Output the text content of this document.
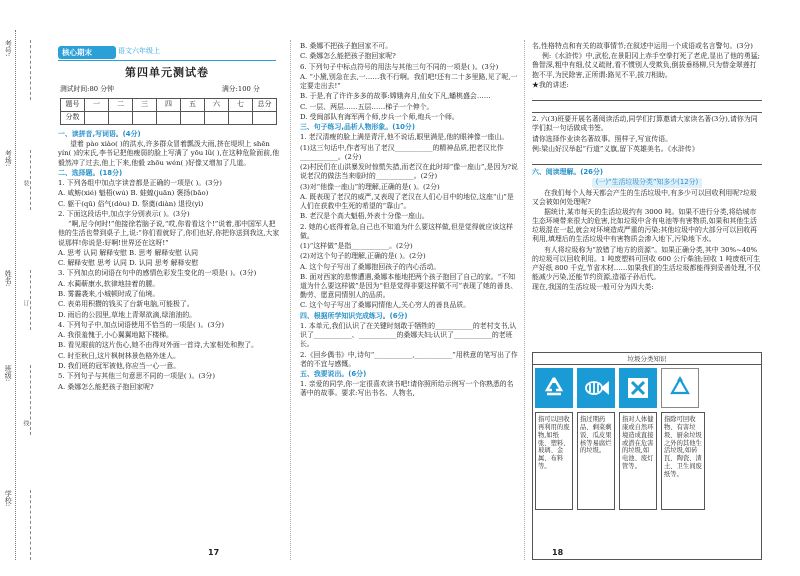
考号:
考场:
姓名:
班级:
学校:
装
订
线
核心期末	语文六年级上
第四单元测试卷
测试时间:80 分钟	满分:100 分
题号	一	二	三	四	五	六	七	总分
分数								

一、读拼音,写词语。(4分)

望着 pào xiào( )的洪水,许多群众冒着瓢泼大雨,挤在堤坝上 shēn yín( )的宋氏,李书记把他瘦弱的脸上写满了 yōu lǜ( ),在这种危险面前,他毅然冲了过去,他上下来,他毅 zhōu wén( )好像又增加了几道。

二、选择题。(18分)

1. 下列各组中加点字读音都是正确的一项是( )。(3分)

A. 咸鲂(xié) 魁梧(wú) B. 蛙蝗(juān) 褒扬(bāo)

C. 躯干(qū) 俗气(dòu) D. 祭奠(diàn) 退役(yì)

2. 下面这段话中,加点字分别表示( )。(3分)

“啊,尼今何时!”他接徐若脑子说,“哎,你看看这个!”说着,那中国军人把他的生活也带到桌子上,说:“你们看就好了,你们也好,你把你送到我这,大家说那样!你说是:好啊!世界还在这呀!”

A. 思考 认同 解释安慰 B. 思考 解释安慰 认同

C. 解释安慰 思考 认同 D. 认同 思考 解释安慰

3. 下列加点的词语在句中的感情色彩发生变化的一项是( )。(3分)

A. 水蔺蕲康水,软律地挂着的腰。

B. 雾霾袭来,小城顿时成了仙境。

C. 表弟用积攒的钱买了台新电脑,可能极了。

D. 雨后的公园里,草地上青翠欲滴,绿油油的。

4. 下列句子中,加点词语使用不恰当的一项是( )。(3分)

A. 我很羞愧于,小心翼翼地踮下楼梯。

B. 看见眼前的这片伤心,她不由得对外面一首诗,大家相处和煦了。

C. 时至秋日,这片枫树林景色格外迷人。

D. 我们班的冠军被他,你应当一心一意。

5. 下列句子与其他三句意思不同的一项是( )。(3分)

A. 桑娜怎么能把孩子抱回家呢?

17

B. 桑娜不把孩子抱回家不可。

C. 桑娜怎么能把孩子抱回家呢?

6. 下列句子中标点符号的用法与其他三句不同的一项是( )。(3分)

A. “小黛,别急在去,一……我不行啊。我们吧!还有二十多里路,见了呢,一定要走出去!”

B. 于是,有了许许多多的故事:嫦娥奔月,仙女下凡,蟠桃盛会……

C. 一层、两层……五层……梯子一个伸个。

D. 受闽部队有海军两个师,步兵一个师,炮兵一个师。

三、句子练习,品析人物形象。(10分)

1. 老汉清瘦的脸上满是青汗,他不说话,眼里满是,他的眼神像一座山。

(1)这三句话中,作者写出了老汉___________的精神品质,把老汉比作___________。(2分)

(2)村民们在山洪暴发时惊慌失措,而老汉在此时却“像一座山”,是因为?说说老汉的做法当来临时的___________。(2分)

(3)对“他像一座山”的理解,正确的是( )。(2分)

A. 既表现了老汉的威严,又表现了老汉在人们心目中的地位,这座“山”是人们在获救中生死的希望的“靠山”。

B. 老汉是个高大魁梧,外表十分像一座山。

2. 她的心底得着急,自己也不知道为什么要这样做,但是觉得就应该这样做。

(1)“这样做”是指___________。(2分)

(2)对这个句子的理解,正确的是( )。(2分)

A. 这个句子写出了桑娜抱回孩子的内心活动。

B. 面对西家的悲惨遭遇,桑娜本能地把两个孩子抱回了自己的家。“不知道为什么要这样做”是因为“但是觉得非要这样做不可”表现了她的善良、勤劳、愿意同情别人的品质。

C. 这个句子写出了桑娜同情他人,关心穷人的善良品质。

四、根据所学知识完成练习。(6分)

1. 本单元,我们认识了在关键时刻敢于牺牲的___________的老村支书,认识了___________、___________的桑娜夫妇;认识了___________的老班长。

2.《回乡偶书》中,诗句“___________,___________”用秩意的笔写出了作者的不宜与感慨。

五、我要说出。(6分)

1. 亲爱的同学,你一定很喜欢读书吧!请你照所给示例写一个你熟悉的名著中的故事。要求:写出书名、人物名,

18

名,性格特点和有关的故事情节;在叙述中运用一个成语或名言警句。(3分)

例:《水浒传》中,武松,在景阳冈上赤手空拳打死了老虎,显出了他的勇猛;鲁智深,粗中有细,仗义疏财,看不惯别人受欺负,倒拔垂杨柳,只为替金翠莲打抱不平,为民除害,正所谓:路见不平,拔刀相助。

★我的讲述:

2. 六(3)班要开展名著阅读活动,同学们打算邀请大家读名著(3分),请你为同学们拟一句话做成书签。

请你选择作业读名著故事。照样子,写宣传语。

例:梁山好汉举起“行道”义旗,留下英雄美名。《水浒传》

六、阅读理解。(26分)

(一)“生活垃圾分类”知多少(12分)

在我们每个人每天都会产生的生活垃圾中,有多少可以回收利用呢?垃圾又会被如何处理呢?

据统计,某市每天的生活垃圾约有 3000 吨。如果不进行分类,将给城市生态环境带来很大的危害,比如垃圾中含有电池等有害物质,如果和其他生活垃圾混在一起,就会对环境造成严重的污染;其他垃圾中的大部分可以回收再利用,填埋后的生活垃圾中有害物质会渗入地下,污染地下水。

有人将垃圾称为“放错了地方的资源”。如果正确分类,其中 30%~40% 的垃圾可以回收利用。1 吨废塑料可回收 600 公斤柴油;回收 1 吨废纸可生产好纸 800 千克,节省木材……如果我们的生活垃圾都能得到妥善处理,不仅能减少污染,还能节约资源,造福子孙后代。

现在,我国的生活垃圾一般可分为四大类:

垃圾分类知识
指可以回收再利用的废物,如纸张、塑料、玻璃、金属、布料等。
指过期药品、剩菜剩饭、瓜皮果核等易腐烂的垃圾。
指对人体健康或自然环境造成直接或潜在危害的垃圾,如电池、废灯管等。
指除可回收物、有害垃圾、厨余垃圾之外的其他生活垃圾,如砖瓦、陶瓷、渣土、卫生间废纸等。
